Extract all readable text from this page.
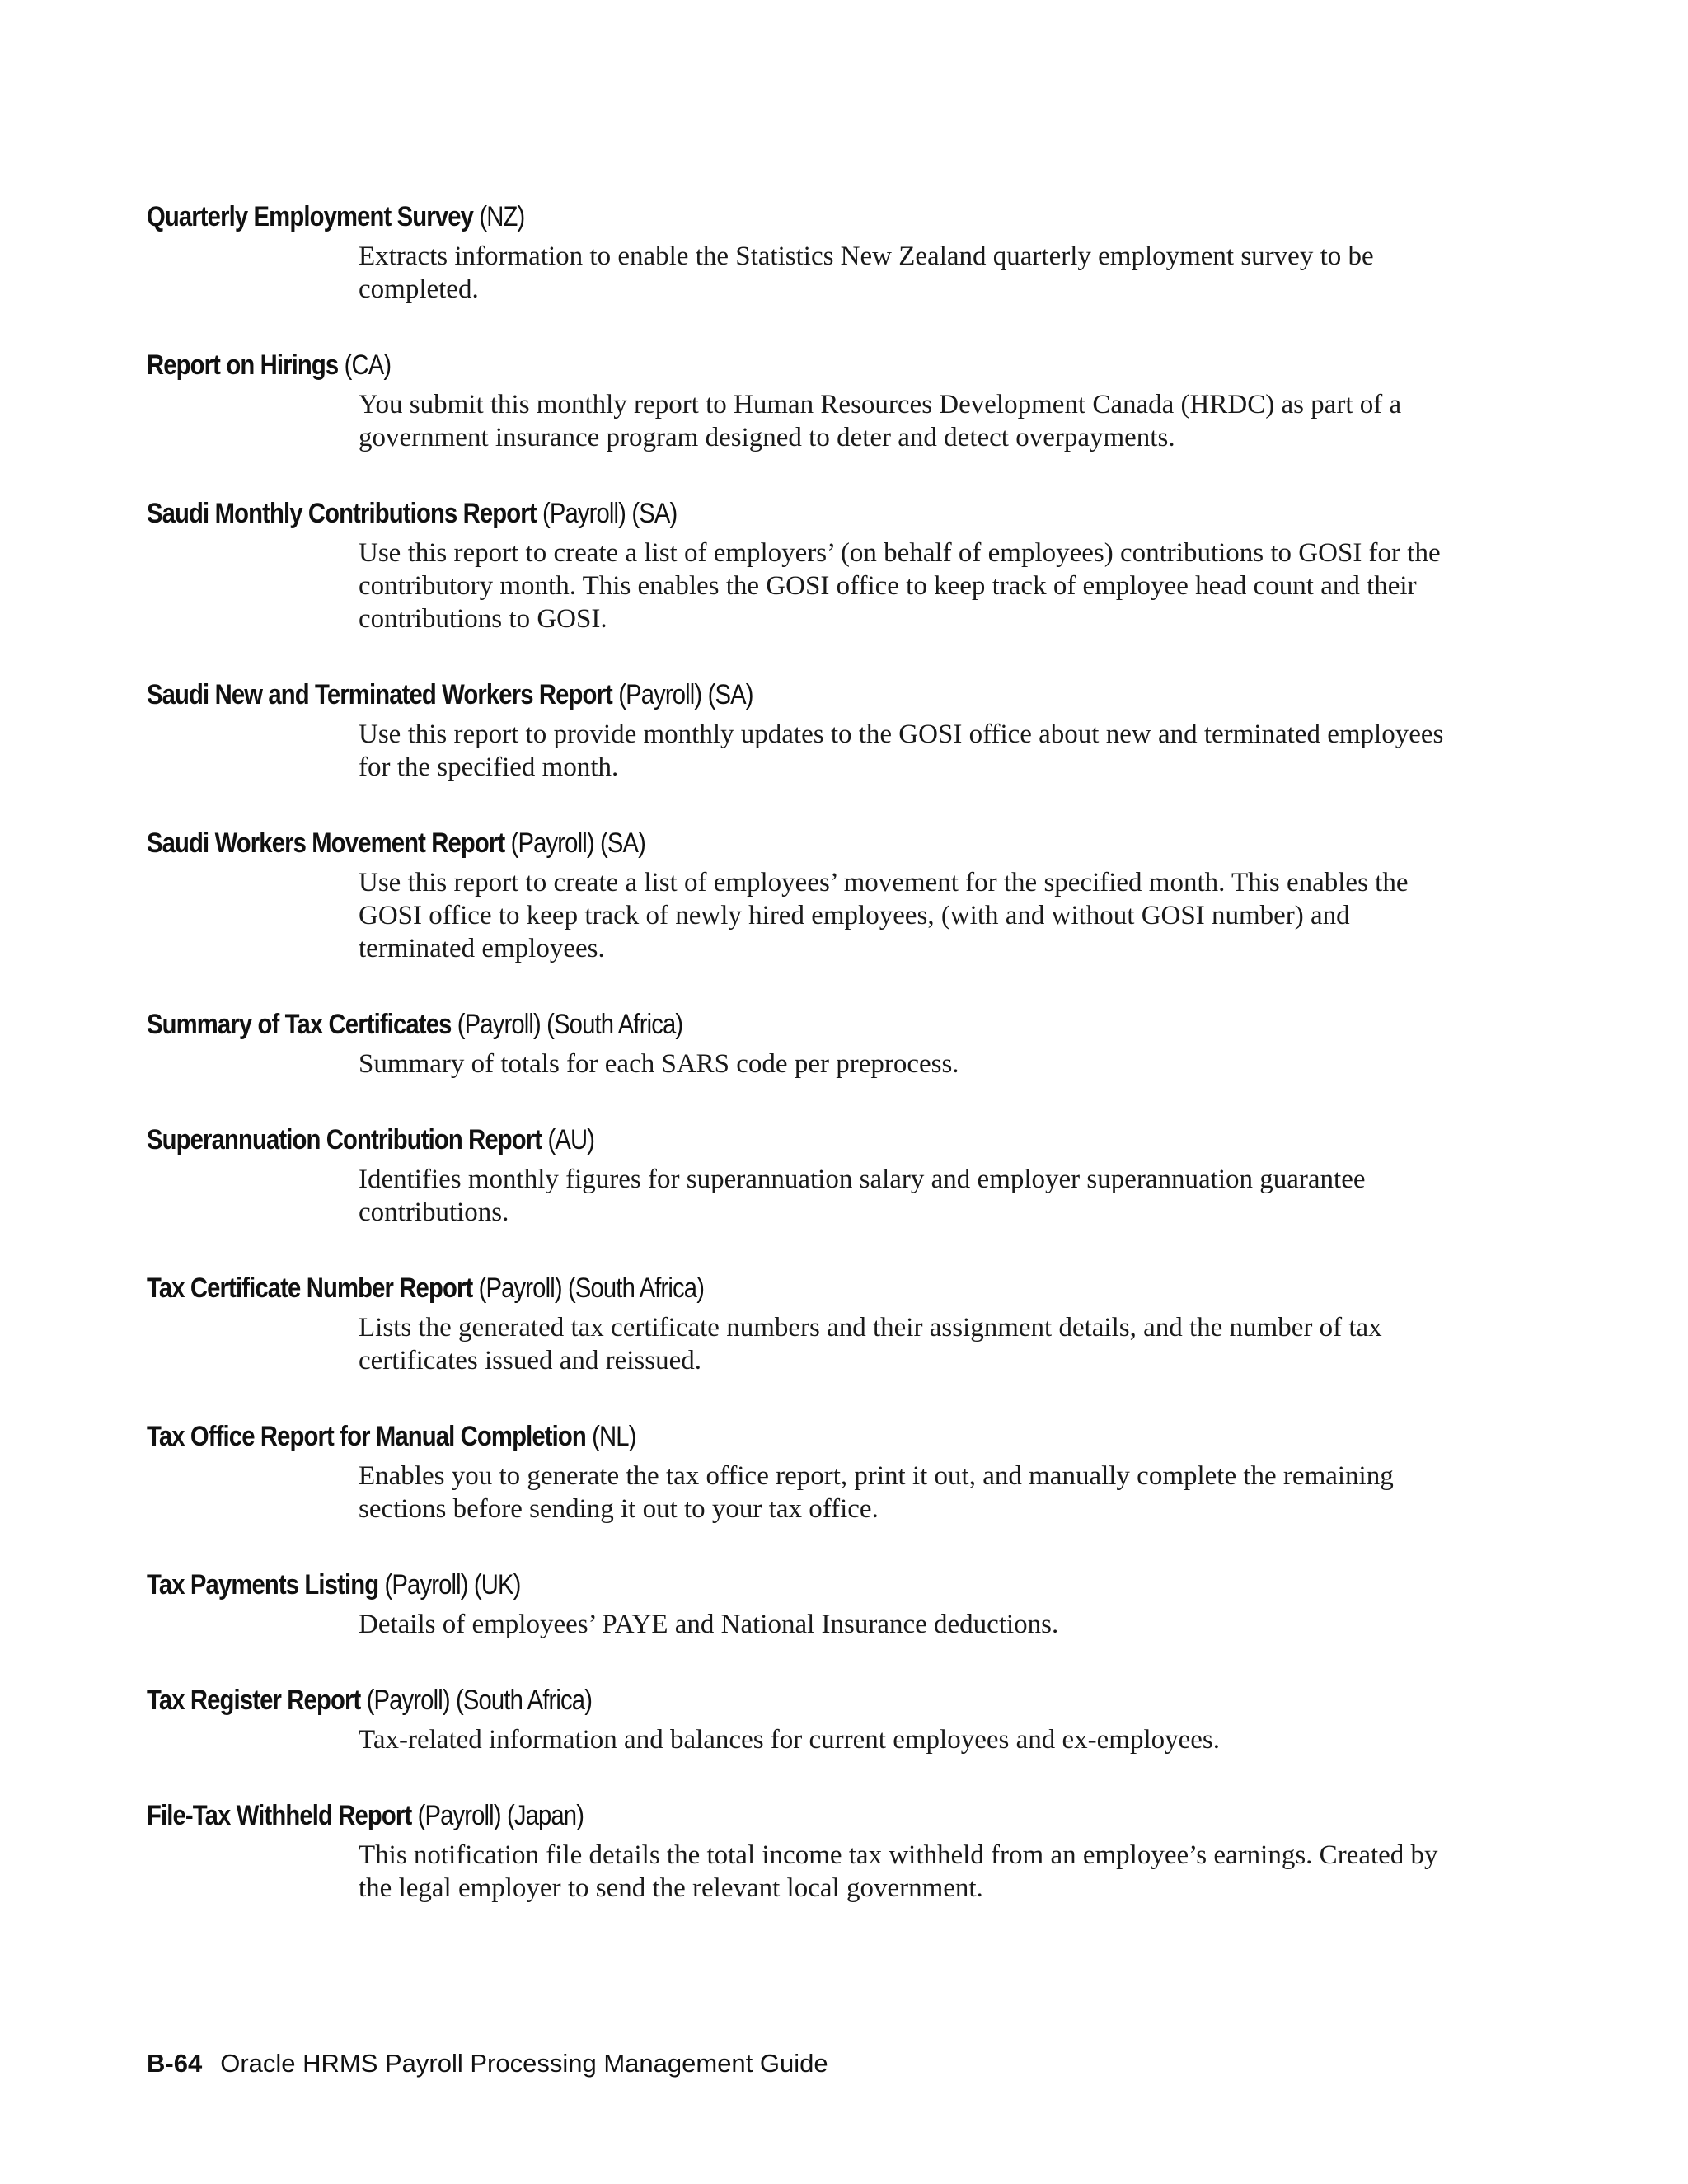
Quarterly Employment Survey (NZ)

Extracts information to enable the Statistics New Zealand quarterly employment survey to be completed.

Report on Hirings (CA)

You submit this monthly report to Human Resources Development Canada (HRDC) as part of a government insurance program designed to deter and detect overpayments.

Saudi Monthly Contributions Report (Payroll) (SA)

Use this report to create a list of employers’ (on behalf of employees) contributions to GOSI for the contributory month. This enables the GOSI office to keep track of employee head count and their contributions to GOSI.

Saudi New and Terminated Workers Report (Payroll) (SA)

Use this report to provide monthly updates to the GOSI office about new and terminated employees for the specified month.

Saudi Workers Movement Report (Payroll) (SA)

Use this report to create a list of employees’ movement for the specified month. This enables the GOSI office to keep track of newly hired employees, (with and without GOSI number) and terminated employees.

Summary of Tax Certificates (Payroll) (South Africa)

Summary of totals for each SARS code per preprocess.

Superannuation Contribution Report (AU)

Identifies monthly figures for superannuation salary and employer superannuation guarantee contributions.

Tax Certificate Number Report (Payroll) (South Africa)

Lists the generated tax certificate numbers and their assignment details, and the number of tax certificates issued and reissued.

Tax Office Report for Manual Completion (NL)

Enables you to generate the tax office report, print it out, and manually complete the remaining sections before sending it out to your tax office.

Tax Payments Listing (Payroll) (UK)

Details of employees’ PAYE and National Insurance deductions.

Tax Register Report (Payroll) (South Africa)

Tax-related information and balances for current employees and ex-employees.

File-Tax Withheld Report (Payroll) (Japan)

This notification file details the total income tax withheld from an employee’s earnings. Created by the legal employer to send the relevant local government.

B-64 Oracle HRMS Payroll Processing Management Guide
